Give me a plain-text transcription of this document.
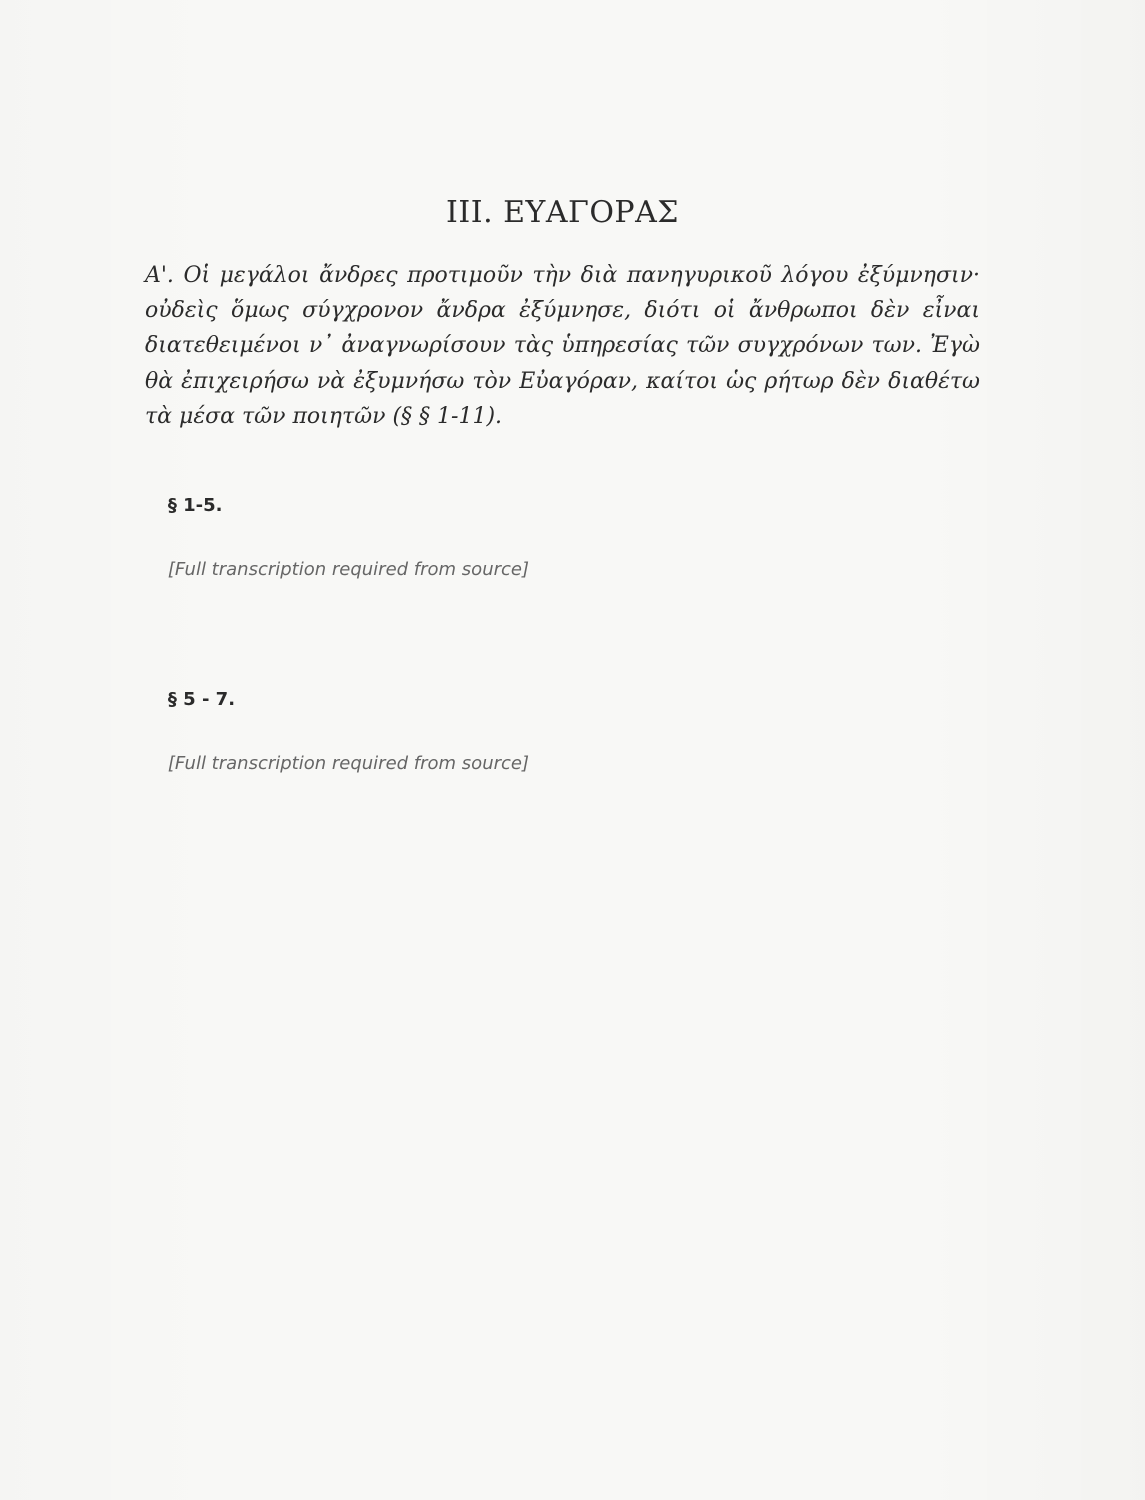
III. ΕΥΑΓΟΡΑΣ

Α'. Οἱ μεγάλοι ἄνδρες προτιμοῦν τὴν διὰ πανηγυρικοῦ λόγου ἐξύμνησιν· οὐδεὶς ὅμως σύγχρονον ἄνδρα ἐξύμνησε, διότι οἱ ἄνθρωποι δὲν εἶναι διατεθειμένοι ν᾿ ἀναγνωρίσουν τὰς ὑπηρεσίας τῶν συγχρόνων των. Ἐγὼ θὰ ἐπιχειρήσω νὰ ἐξυμνήσω τὸν Εὐαγόραν, καίτοι ὡς ρήτωρ δὲν διαθέτω τὰ μέσα τῶν ποιητῶν (§ § 1-11).

§ 1-5.

[Full transcription required from source]

§ 5 - 7.

[Full transcription required from source]
